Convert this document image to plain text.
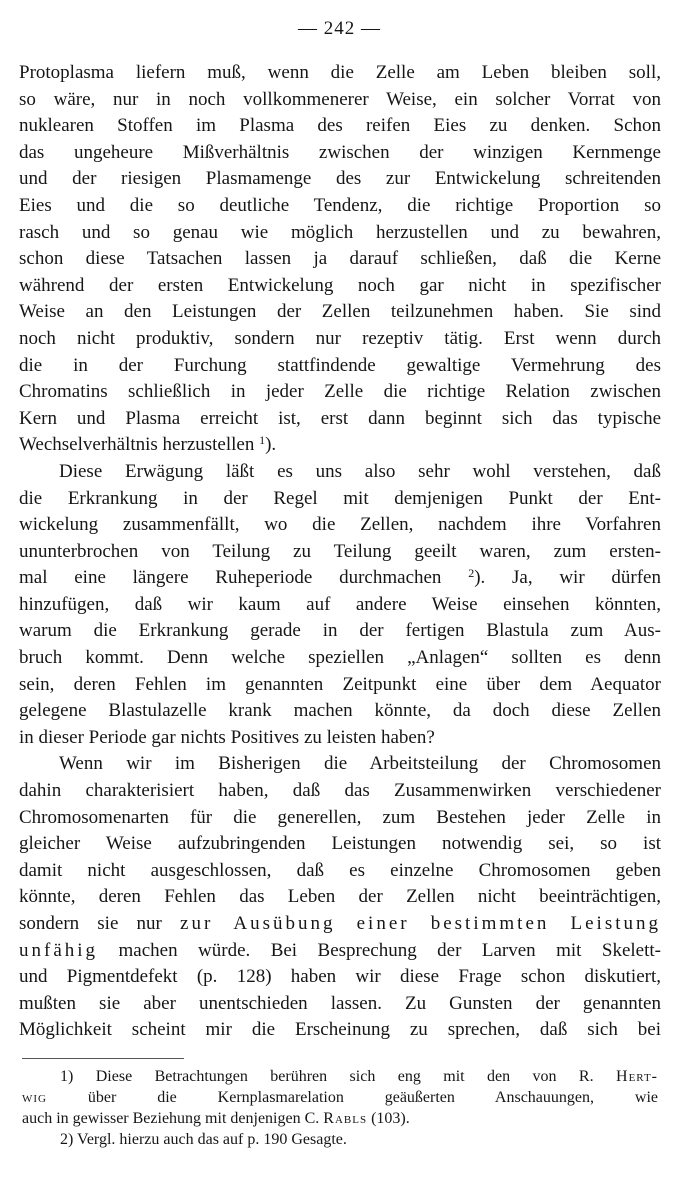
— 242 —
Protoplasma liefern muß, wenn die Zelle am Leben bleiben soll,
so wäre, nur in noch vollkommenerer Weise, ein solcher Vorrat von
nuklearen Stoffen im Plasma des reifen Eies zu denken. Schon
das ungeheure Mißverhältnis zwischen der winzigen Kernmenge
und der riesigen Plasmamenge des zur Entwickelung schreitenden
Eies und die so deutliche Tendenz, die richtige Proportion so
rasch und so genau wie möglich herzustellen und zu bewahren,
schon diese Tatsachen lassen ja darauf schließen, daß die Kerne
während der ersten Entwickelung noch gar nicht in spezifischer
Weise an den Leistungen der Zellen teilzunehmen haben. Sie sind
noch nicht produktiv, sondern nur rezeptiv tätig. Erst wenn durch
die in der Furchung stattfindende gewaltige Vermehrung des
Chromatins schließlich in jeder Zelle die richtige Relation zwischen
Kern und Plasma erreicht ist, erst dann beginnt sich das typische
Wechselverhältnis herzustellen $^1$).
Diese Erwägung läßt es uns also sehr wohl verstehen, daß
die Erkrankung in der Regel mit demjenigen Punkt der Ent-
wickelung zusammenfällt, wo die Zellen, nachdem ihre Vorfahren
ununterbrochen von Teilung zu Teilung geeilt waren, zum ersten-
mal eine längere Ruheperiode durchmachen $^2$). Ja, wir dürfen
hinzufügen, daß wir kaum auf andere Weise einsehen könnten,
warum die Erkrankung gerade in der fertigen Blastula zum Aus-
bruch kommt. Denn welche speziellen „Anlagen“ sollten es denn
sein, deren Fehlen im genannten Zeitpunkt eine über dem Aequator
gelegene Blastulazelle krank machen könnte, da doch diese Zellen
in dieser Periode gar nichts Positives zu leisten haben?
Wenn wir im Bisherigen die Arbeitsteilung der Chromosomen
dahin charakterisiert haben, daß das Zusammenwirken verschiedener
Chromosomenarten für die generellen, zum Bestehen jeder Zelle in
gleicher Weise aufzubringenden Leistungen notwendig sei, so ist
damit nicht ausgeschlossen, daß es einzelne Chromosomen geben
könnte, deren Fehlen das Leben der Zellen nicht beeinträchtigen,
sondern sie nur zur Ausübung einer bestimmten Leistung
unfähig machen würde. Bei Besprechung der Larven mit Skelett-
und Pigmentdefekt (p. 128) haben wir diese Frage schon diskutiert,
mußten sie aber unentschieden lassen. Zu Gunsten der genannten
Möglichkeit scheint mir die Erscheinung zu sprechen, daß sich bei
1) Diese Betrachtungen berühren sich eng mit den von R. Hert-
wig	über die Kernplasmarelation geäußerten Anschauungen, wie
auch in gewisser Beziehung mit denjenigen C. Rabls (103).
2) Vergl. hierzu auch das auf p. 190 Gesagte.
